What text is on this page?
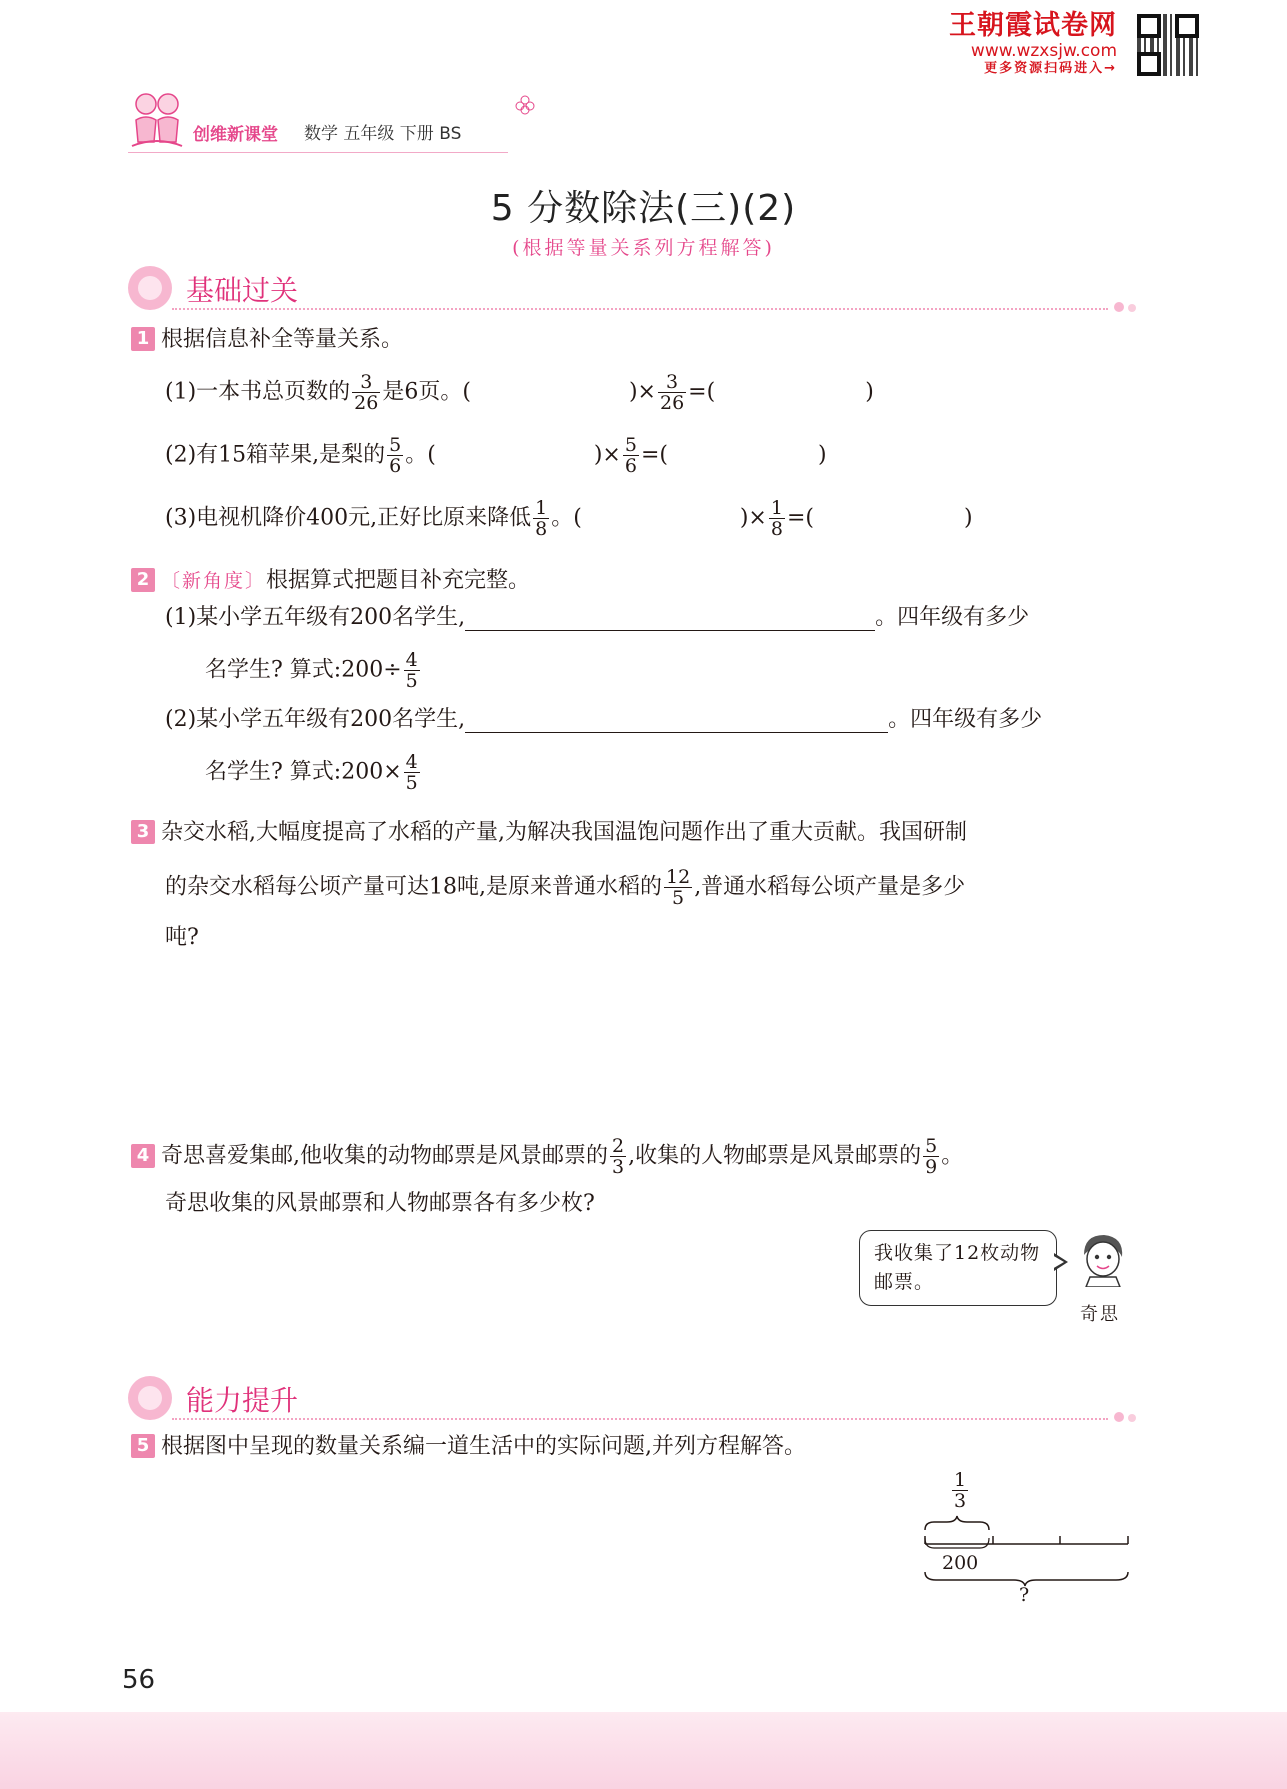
王朝霞试卷网
www.wzxsjw.com
更多资源扫码进入→
创维新课堂 数学 五年级 下册 BS
5 分数除法(三)(2)
(根据等量关系列方程解答)
基础过关
1 根据信息补全等量关系。
(1)一本书总页数的 $\frac{3}{26}$ 是6页。(	)× $\frac{3}{26}$ =(	)
(2)有15箱苹果,是梨的 $\frac{5}{6}$ 。(	)× $\frac{5}{6}$ =(	)
(3)电视机降价400元,正好比原来降低 $\frac{1}{8}$ 。(	)× $\frac{1}{8}$ =(	)
2 〔新角度〕根据算式把题目补充完整。
(1)某小学五年级有200名学生,	。四年级有多少
名学生? 算式:200÷ $\frac{4}{5}$
(2)某小学五年级有200名学生,	。四年级有多少
名学生? 算式:200× $\frac{4}{5}$
3 杂交水稻,大幅度提高了水稻的产量,为解决我国温饱问题作出了重大贡献。我国研制
的杂交水稻每公顷产量可达18吨,是原来普通水稻的 $\frac{12}{5}$ ,普通水稻每公顷产量是多少
吨?
4 奇思喜爱集邮,他收集的动物邮票是风景邮票的 $\frac{2}{3}$ ,收集的人物邮票是风景邮票的 $\frac{5}{9}$ 。
奇思收集的风景邮票和人物邮票各有多少枚?
我收集了12枚动物
邮票。
奇思
能力提升
5 根据图中呈现的数量关系编一道生活中的实际问题,并列方程解答。
$\frac{1}{3}$
200
?
56
